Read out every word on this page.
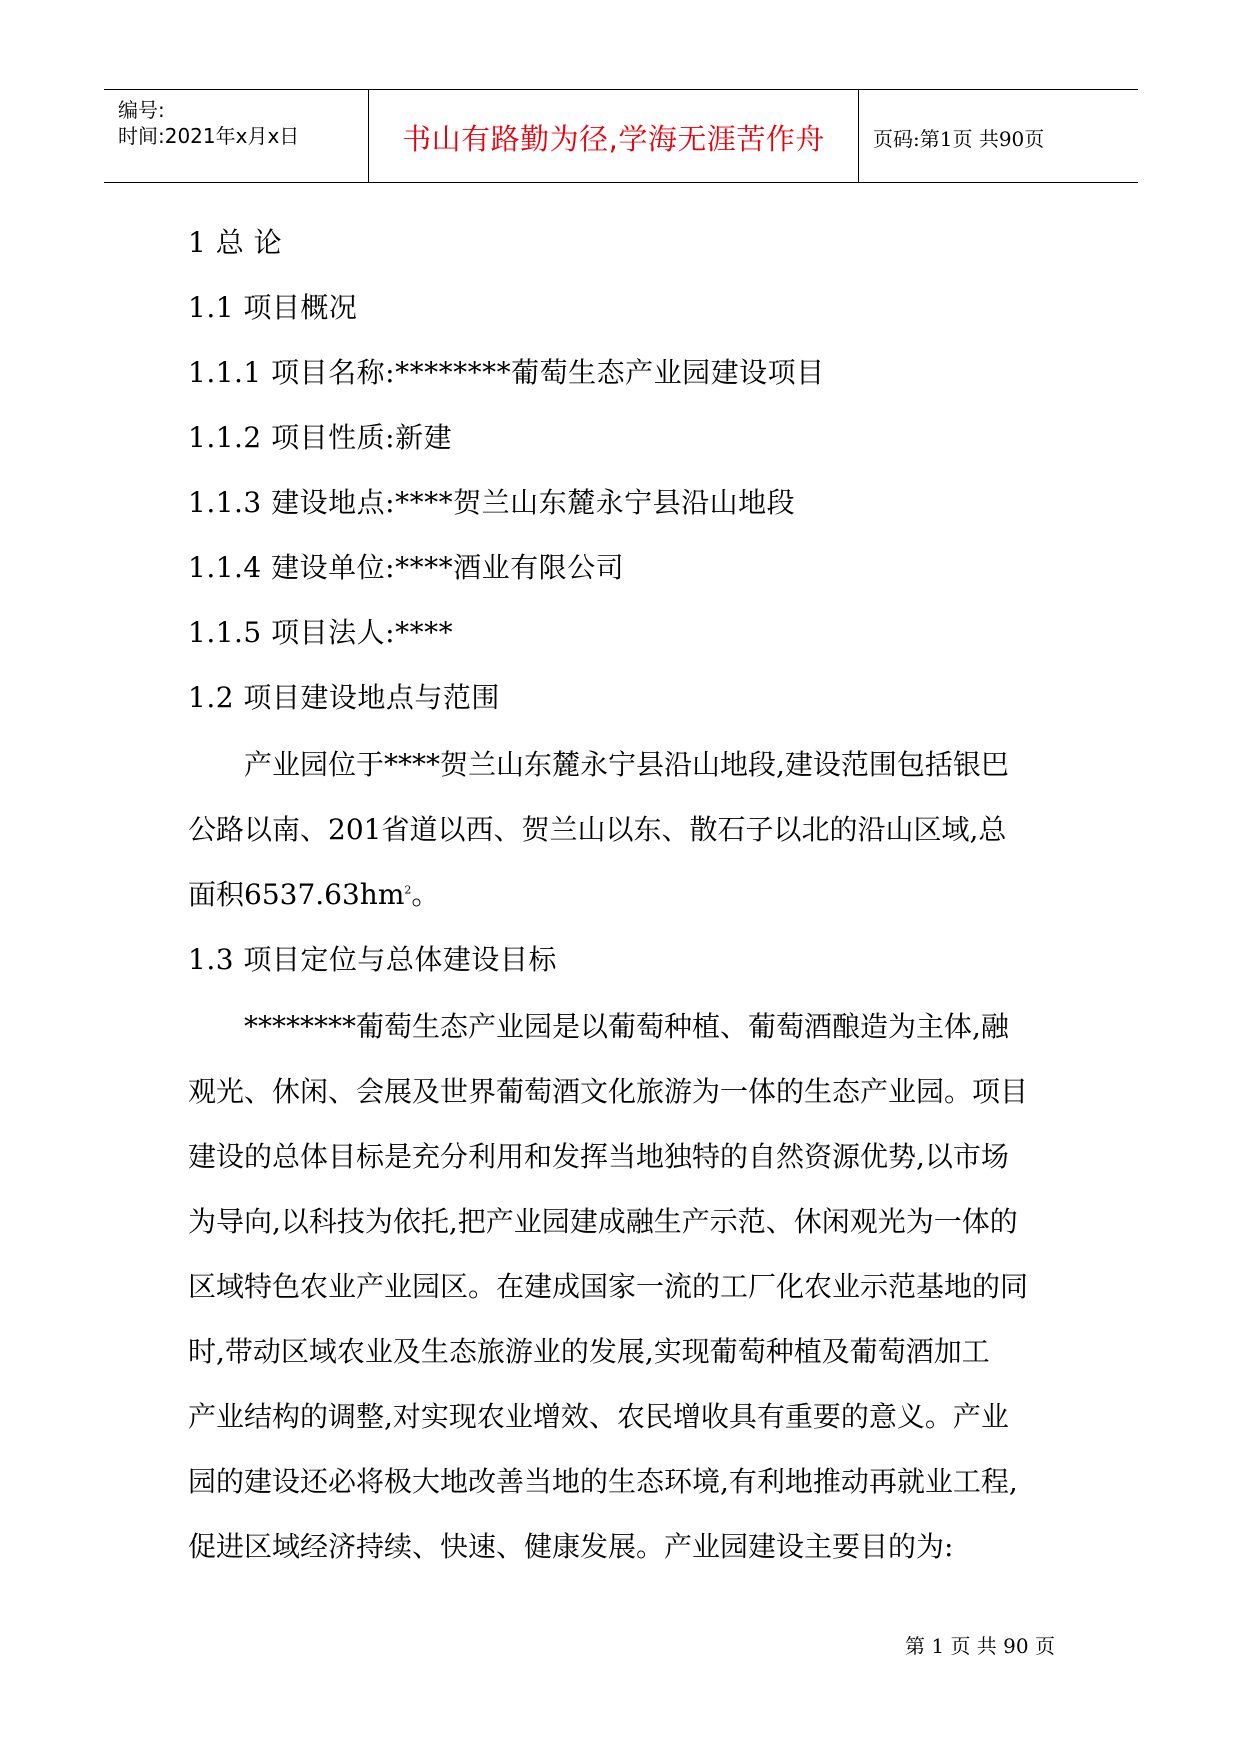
编号:
时间:2021年x月x日	书山有路勤为径,学海无涯苦作舟	页码:第1页 共90页
1 总 论
1.1 项目概况
1.1.1 项目名称:********葡萄生态产业园建设项目
1.1.2 项目性质:新建
1.1.3 建设地点:****贺兰山东麓永宁县沿山地段
1.1.4 建设单位:****酒业有限公司
1.1.5 项目法人:****
1.2 项目建设地点与范围
产业园位于****贺兰山东麓永宁县沿山地段,建设范围包括银巴
公路以南、201省道以西、贺兰山以东、散石子以北的沿山区域,总
面积$6537.63hm^2$。
1.3 项目定位与总体建设目标
********葡萄生态产业园是以葡萄种植、葡萄酒酿造为主体,融
观光、休闲、会展及世界葡萄酒文化旅游为一体的生态产业园。项目
建设的总体目标是充分利用和发挥当地独特的自然资源优势,以市场
为导向,以科技为依托,把产业园建成融生产示范、休闲观光为一体的
区域特色农业产业园区。在建成国家一流的工厂化农业示范基地的同
时,带动区域农业及生态旅游业的发展,实现葡萄种植及葡萄酒加工
产业结构的调整,对实现农业增效、农民增收具有重要的意义。产业
园的建设还必将极大地改善当地的生态环境,有利地推动再就业工程,
促进区域经济持续、快速、健康发展。产业园建设主要目的为:
第 1 页 共 90 页
